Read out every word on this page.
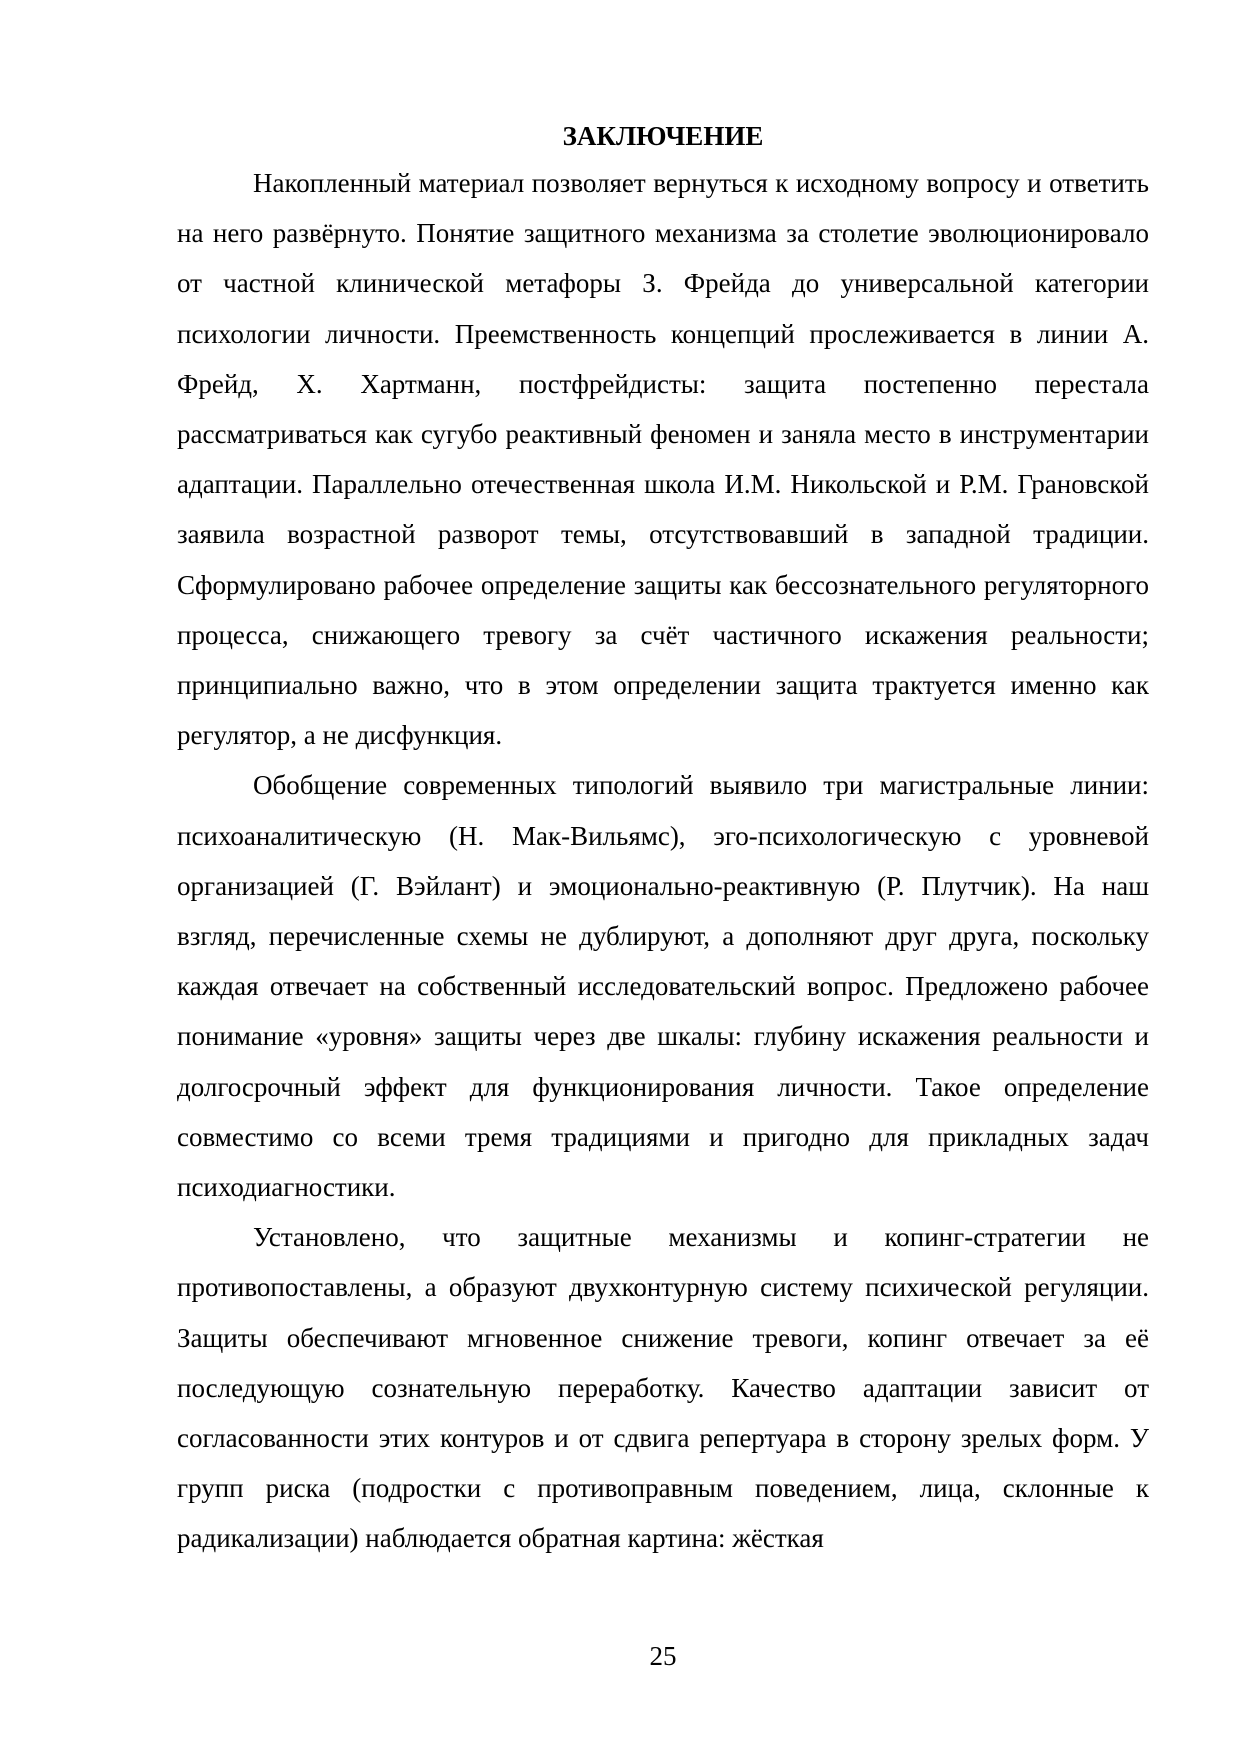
ЗАКЛЮЧЕНИЕ

Накопленный материал позволяет вернуться к исходному вопросу и ответить на него развёрнуто. Понятие защитного механизма за столетие эволюционировало от частной клинической метафоры З. Фрейда до универсальной категории психологии личности. Преемственность концепций прослеживается в линии А. Фрейд, Х. Хартманн, постфрейдисты: защита постепенно перестала рассматриваться как сугубо реактивный феномен и заняла место в инструментарии адаптации. Параллельно отечественная школа И.М. Никольской и Р.М. Грановской заявила возрастной разворот темы, отсутствовавший в западной традиции. Сформулировано рабочее определение защиты как бессознательного регуляторного процесса, снижающего тревогу за счёт частичного искажения реальности; принципиально важно, что в этом определении защита трактуется именно как регулятор, а не дисфункция.

Обобщение современных типологий выявило три магистральные линии: психоаналитическую (Н. Мак-Вильямс), эго-психологическую с уровневой организацией (Г. Вэйлант) и эмоционально-реактивную (Р. Плутчик). На наш взгляд, перечисленные схемы не дублируют, а дополняют друг друга, поскольку каждая отвечает на собственный исследовательский вопрос. Предложено рабочее понимание «уровня» защиты через две шкалы: глубину искажения реальности и долгосрочный эффект для функционирования личности. Такое определение совместимо со всеми тремя традициями и пригодно для прикладных задач психодиагностики.

Установлено, что защитные механизмы и копинг-стратегии не противопоставлены, а образуют двухконтурную систему психической регуляции. Защиты обеспечивают мгновенное снижение тревоги, копинг отвечает за её последующую сознательную переработку. Качество адаптации зависит от согласованности этих контуров и от сдвига репертуара в сторону зрелых форм. У групп риска (подростки с противоправным поведением, лица, склонные к радикализации) наблюдается обратная картина: жёсткая

25
